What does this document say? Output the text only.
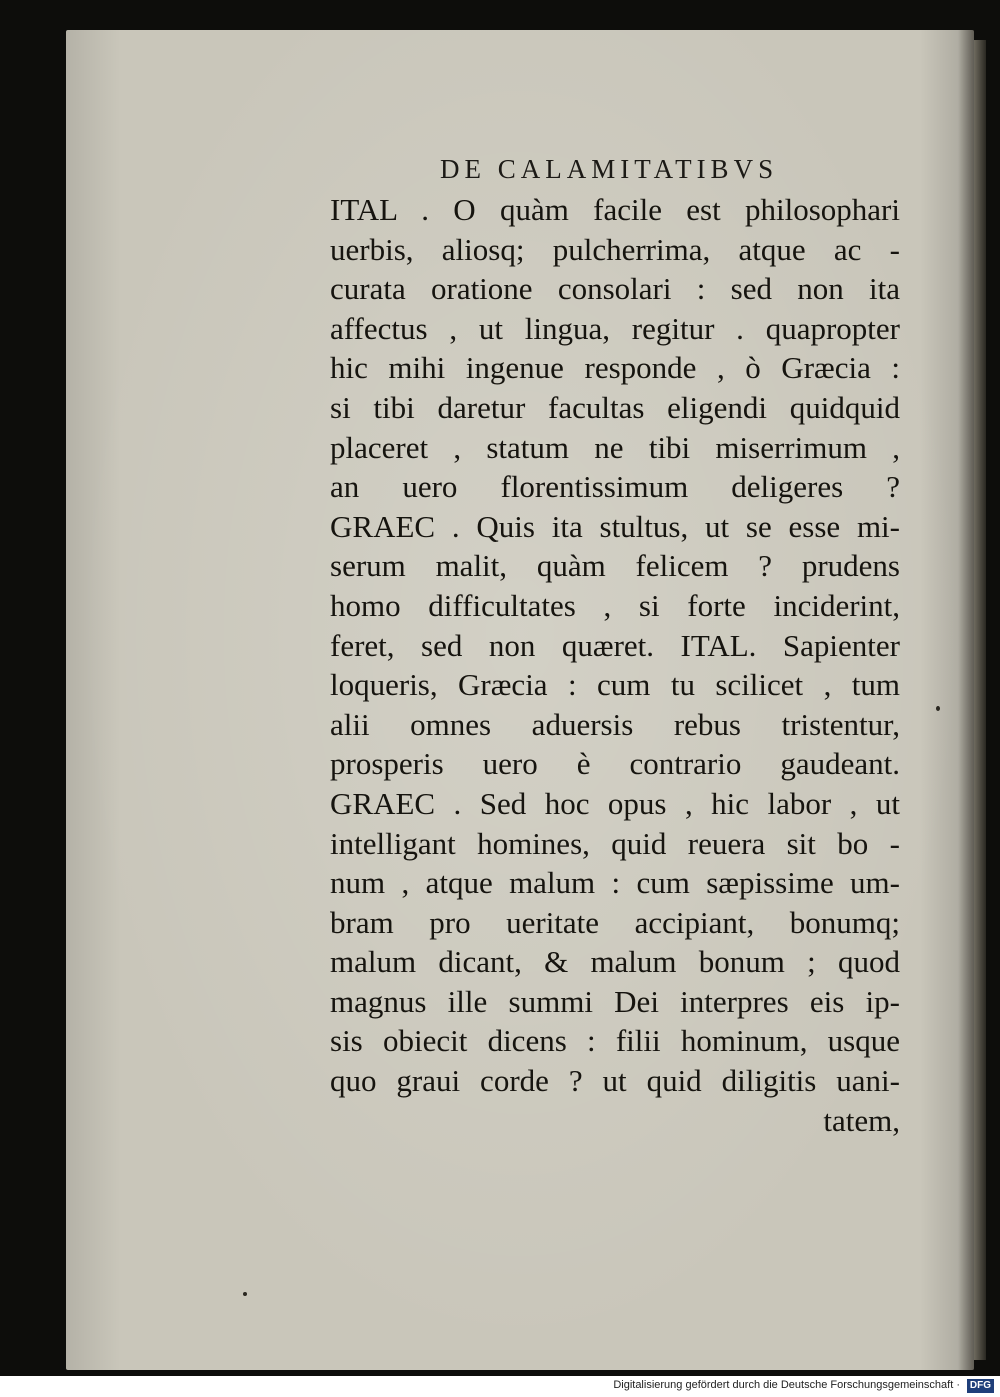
DE CALAMITATIBVS
ITAL . O quàm facile est philosophari
uerbis, aliosq; pulcherrima, atque ac -
curata oratione consolari : sed non ita
affectus , ut lingua, regitur . quapropter
hic mihi ingenue responde , ò Græcia :
si tibi daretur facultas eligendi quidquid
placeret , statum ne tibi miserrimum ,
an uero florentissimum deligeres ?
GRAEC . Quis ita stultus, ut se esse mi-
serum malit, quàm felicem ? prudens
homo difficultates , si forte inciderint,
feret, sed non quæret. ITAL. Sapienter
loqueris, Græcia : cum tu scilicet , tum
alii omnes aduersis rebus tristentur,
prosperis uero è contrario gaudeant.
GRAEC . Sed hoc opus , hic labor , ut
intelligant homines, quid reuera sit bo -
num , atque malum : cum sæpissime um-
bram pro ueritate accipiant, bonumq;
malum dicant, & malum bonum ; quod
magnus ille summi Dei interpres eis ip-
sis obiecit dicens : filii hominum, usque
quo graui corde ? ut quid diligitis uani-
tatem,
Digitalisierung gefördert durch die Deutsche Forschungsgemeinschaft · DFG
